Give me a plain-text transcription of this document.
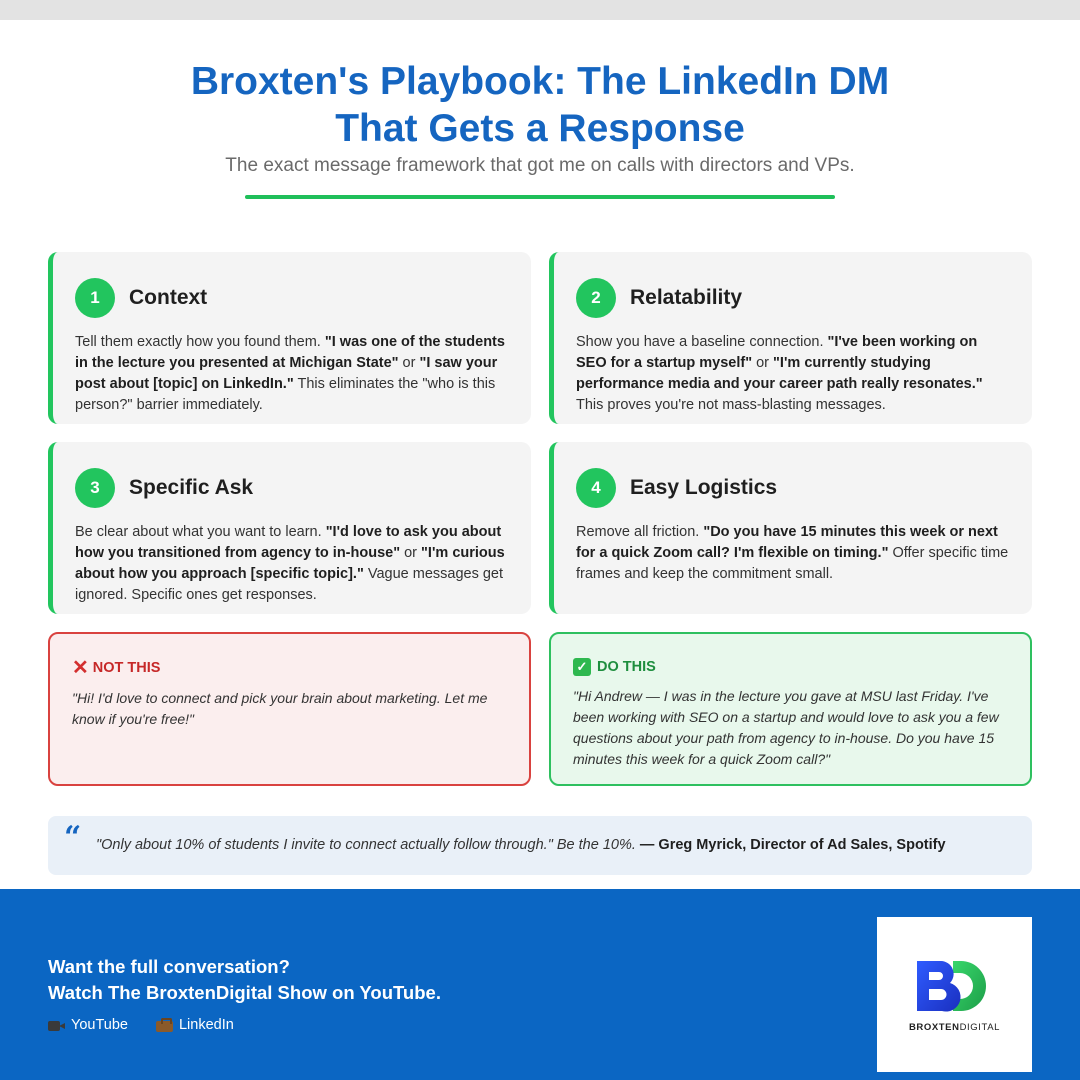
Broxten's Playbook: The LinkedIn DM
That Gets a Response
The exact message framework that got me on calls with directors and VPs.
1	Context
Tell them exactly how you found them. "I was one of the students in the lecture you presented at Michigan State" or "I saw your post about [topic] on LinkedIn." This eliminates the "who is this person?" barrier immediately.
2	Relatability
Show you have a baseline connection. "I've been working on SEO for a startup myself" or "I'm currently studying performance media and your career path really resonates." This proves you're not mass-blasting messages.
3	Specific Ask
Be clear about what you want to learn. "I'd love to ask you about how you transitioned from agency to in-house" or "I'm curious about how you approach [specific topic]." Vague messages get ignored. Specific ones get responses.
4	Easy Logistics
Remove all friction. "Do you have 15 minutes this week or next for a quick Zoom call? I'm flexible on timing." Offer specific time frames and keep the commitment small.
✕ NOT THIS
"Hi! I'd love to connect and pick your brain about marketing. Let me know if you're free!"
✓ DO THIS
"Hi Andrew — I was in the lecture you gave at MSU last Friday. I've been working with SEO on a startup and would love to ask you a few questions about your path from agency to in-house. Do you have 15 minutes this week for a quick Zoom call?"
“ "Only about 10% of students I invite to connect actually follow through." Be the 10%. — Greg Myrick, Director of Ad Sales, Spotify
Want the full conversation?
Watch The BroxtenDigital Show on YouTube.
YouTube	LinkedIn	BROXTENDIGITAL
